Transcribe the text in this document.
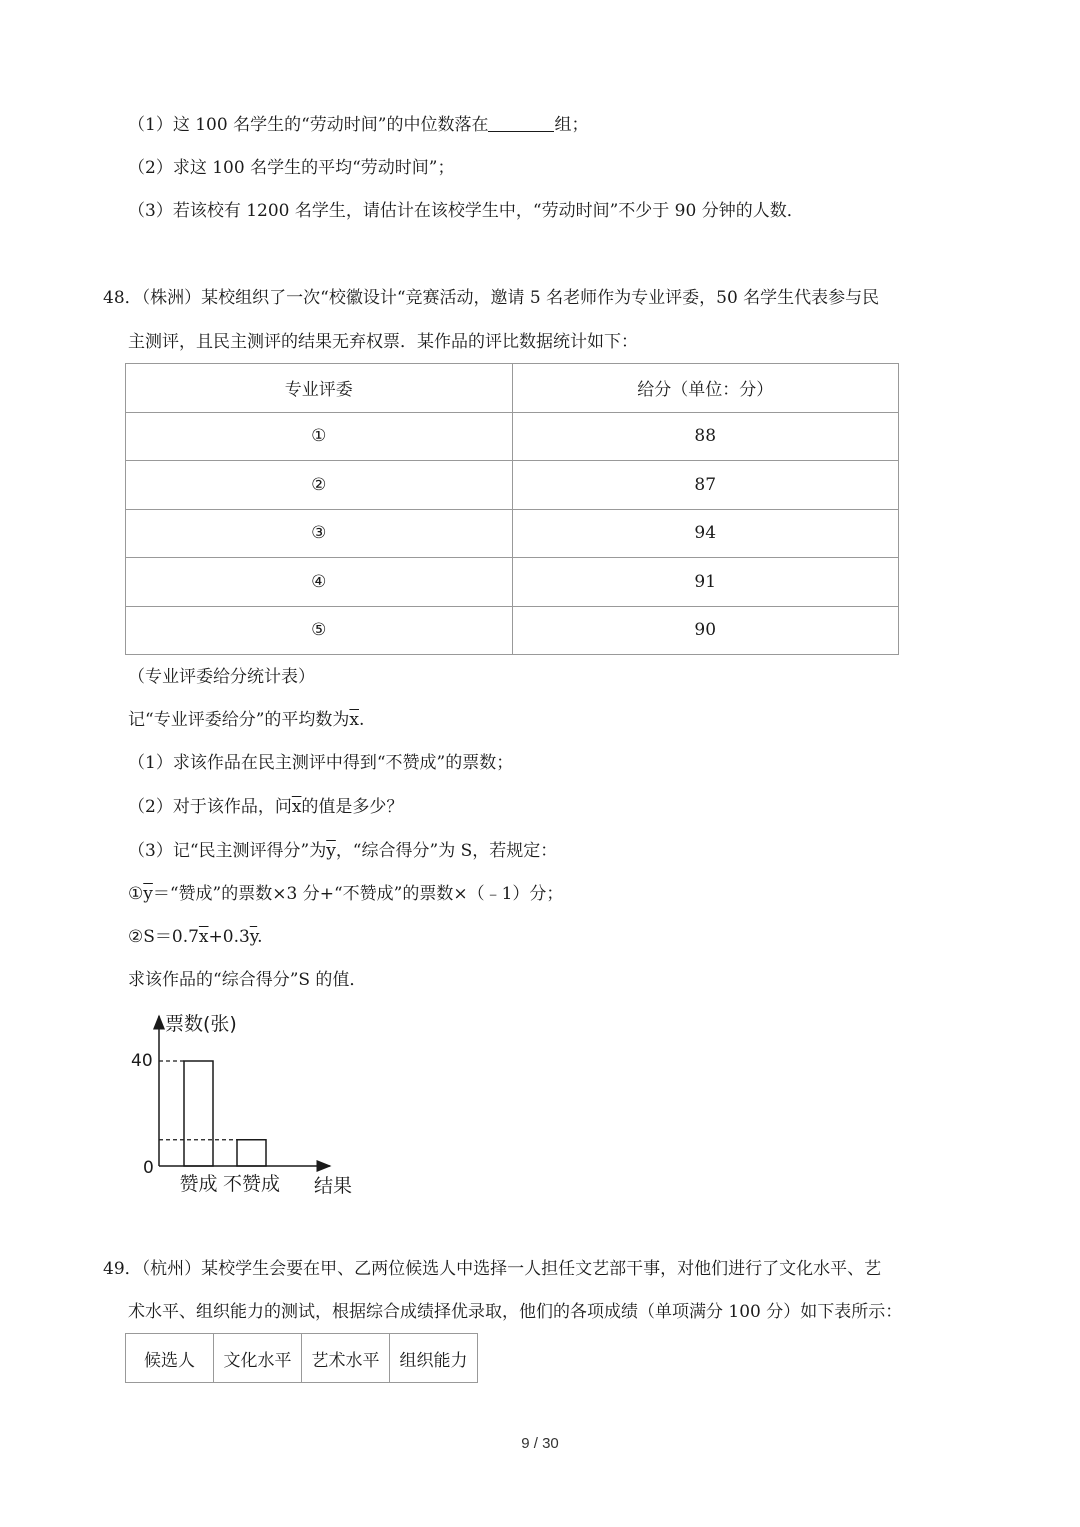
（1）这 100 名学生的“劳动时间”的中位数落在	组；
（2）求这 100 名学生的平均“劳动时间”；
（3）若该校有 1200 名学生，请估计在该校学生中，“劳动时间”不少于 90 分钟的人数．
48．（株洲）某校组织了一次“校徽设计“竞赛活动，邀请 5 名老师作为专业评委，50 名学生代表参与民
主测评，且民主测评的结果无弃权票．某作品的评比数据统计如下：
专业评委	给分（单位：分）
①	88
②	87
③	94
④	91
⑤	90
（专业评委给分统计表）
记“专业评委给分”的平均数为$\overline{x}$.
（1）求该作品在民主测评中得到“不赞成”的票数；
（2）对于该作品，问$\overline{x}$的值是多少？
（3）记“民主测评得分”为$\overline{y}$，“综合得分”为 S，若规定：
$①\overline{y}=“$赞成”的票数×3 分+“不赞成”的票数×（﹣1）分；
$②S=0.7\overline{x}+0.3\overline{y}$.
求该作品的“综合得分”S 的值．
票数(张)
结果
40
0
赞成 不赞成
49．（杭州）某校学生会要在甲、乙两位候选人中选择一人担任文艺部干事，对他们进行了文化水平、艺
术水平、组织能力的测试，根据综合成绩择优录取，他们的各项成绩（单项满分 100 分）如下表所示：
候选人	文化水平	艺术水平	组织能力
9 / 30
